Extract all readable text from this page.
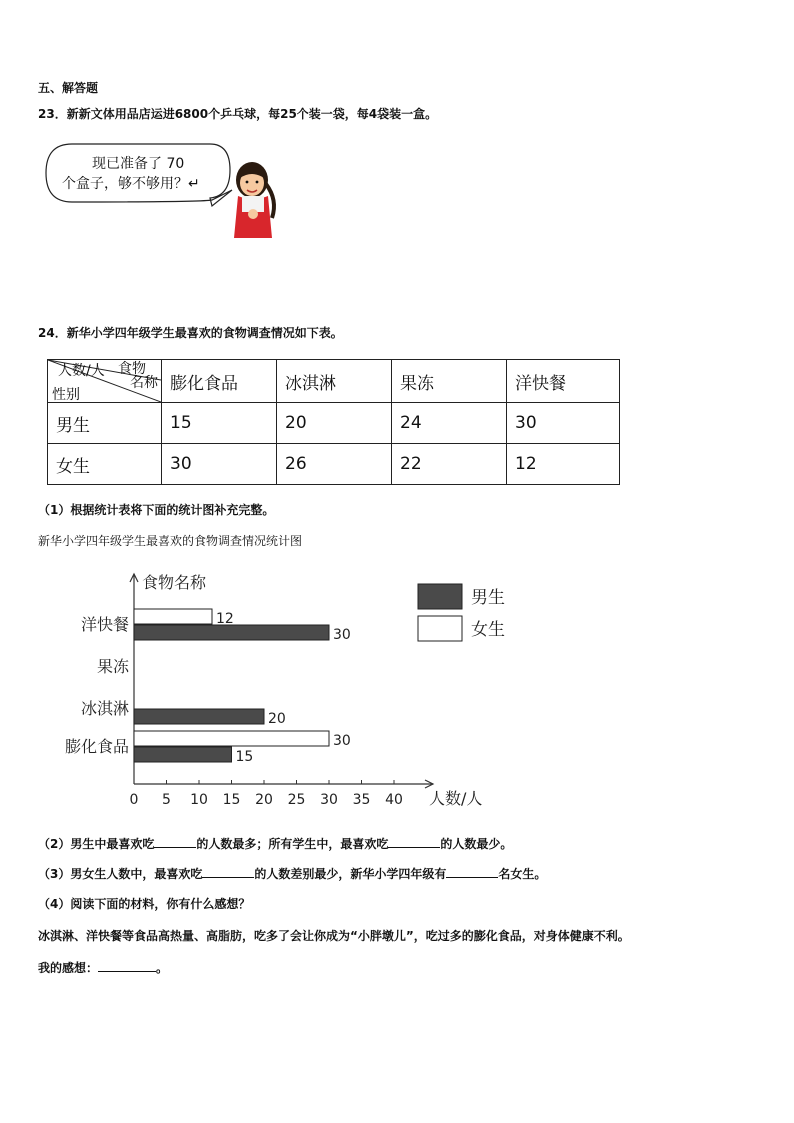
五、解答题
23．新新文体用品店运进6800个乒乓球，每25个装一袋，每4袋装一盒。
现已准备了 70
个盒子，够不够用？↵
24．新华小学四年级学生最喜欢的食物调查情况如下表。
人数/人 食物
名称
性别	膨化食品	冰淇淋	果冻	洋快餐
男生	15	20	24	30
女生	30	26	22	12
（1）根据统计表将下面的统计图补充完整。
新华小学四年级学生最喜欢的食物调查情况统计图
食物名称
人数/人
0 5 10 15 20 25 30 35 40
膨化食品
冰淇淋
果冻
洋快餐
15
30
20
30
12
男生
女生
（2）男生中最喜欢吃	的人数最多；所有学生中，最喜欢吃	的人数最少。
（3）男女生人数中，最喜欢吃	的人数差别最少，新华小学四年级有	名女生。
（4）阅读下面的材料，你有什么感想？
冰淇淋、洋快餐等食品高热量、高脂肪，吃多了会让你成为“小胖墩儿”，吃过多的膨化食品，对身体健康不利。
我的感想：	。
